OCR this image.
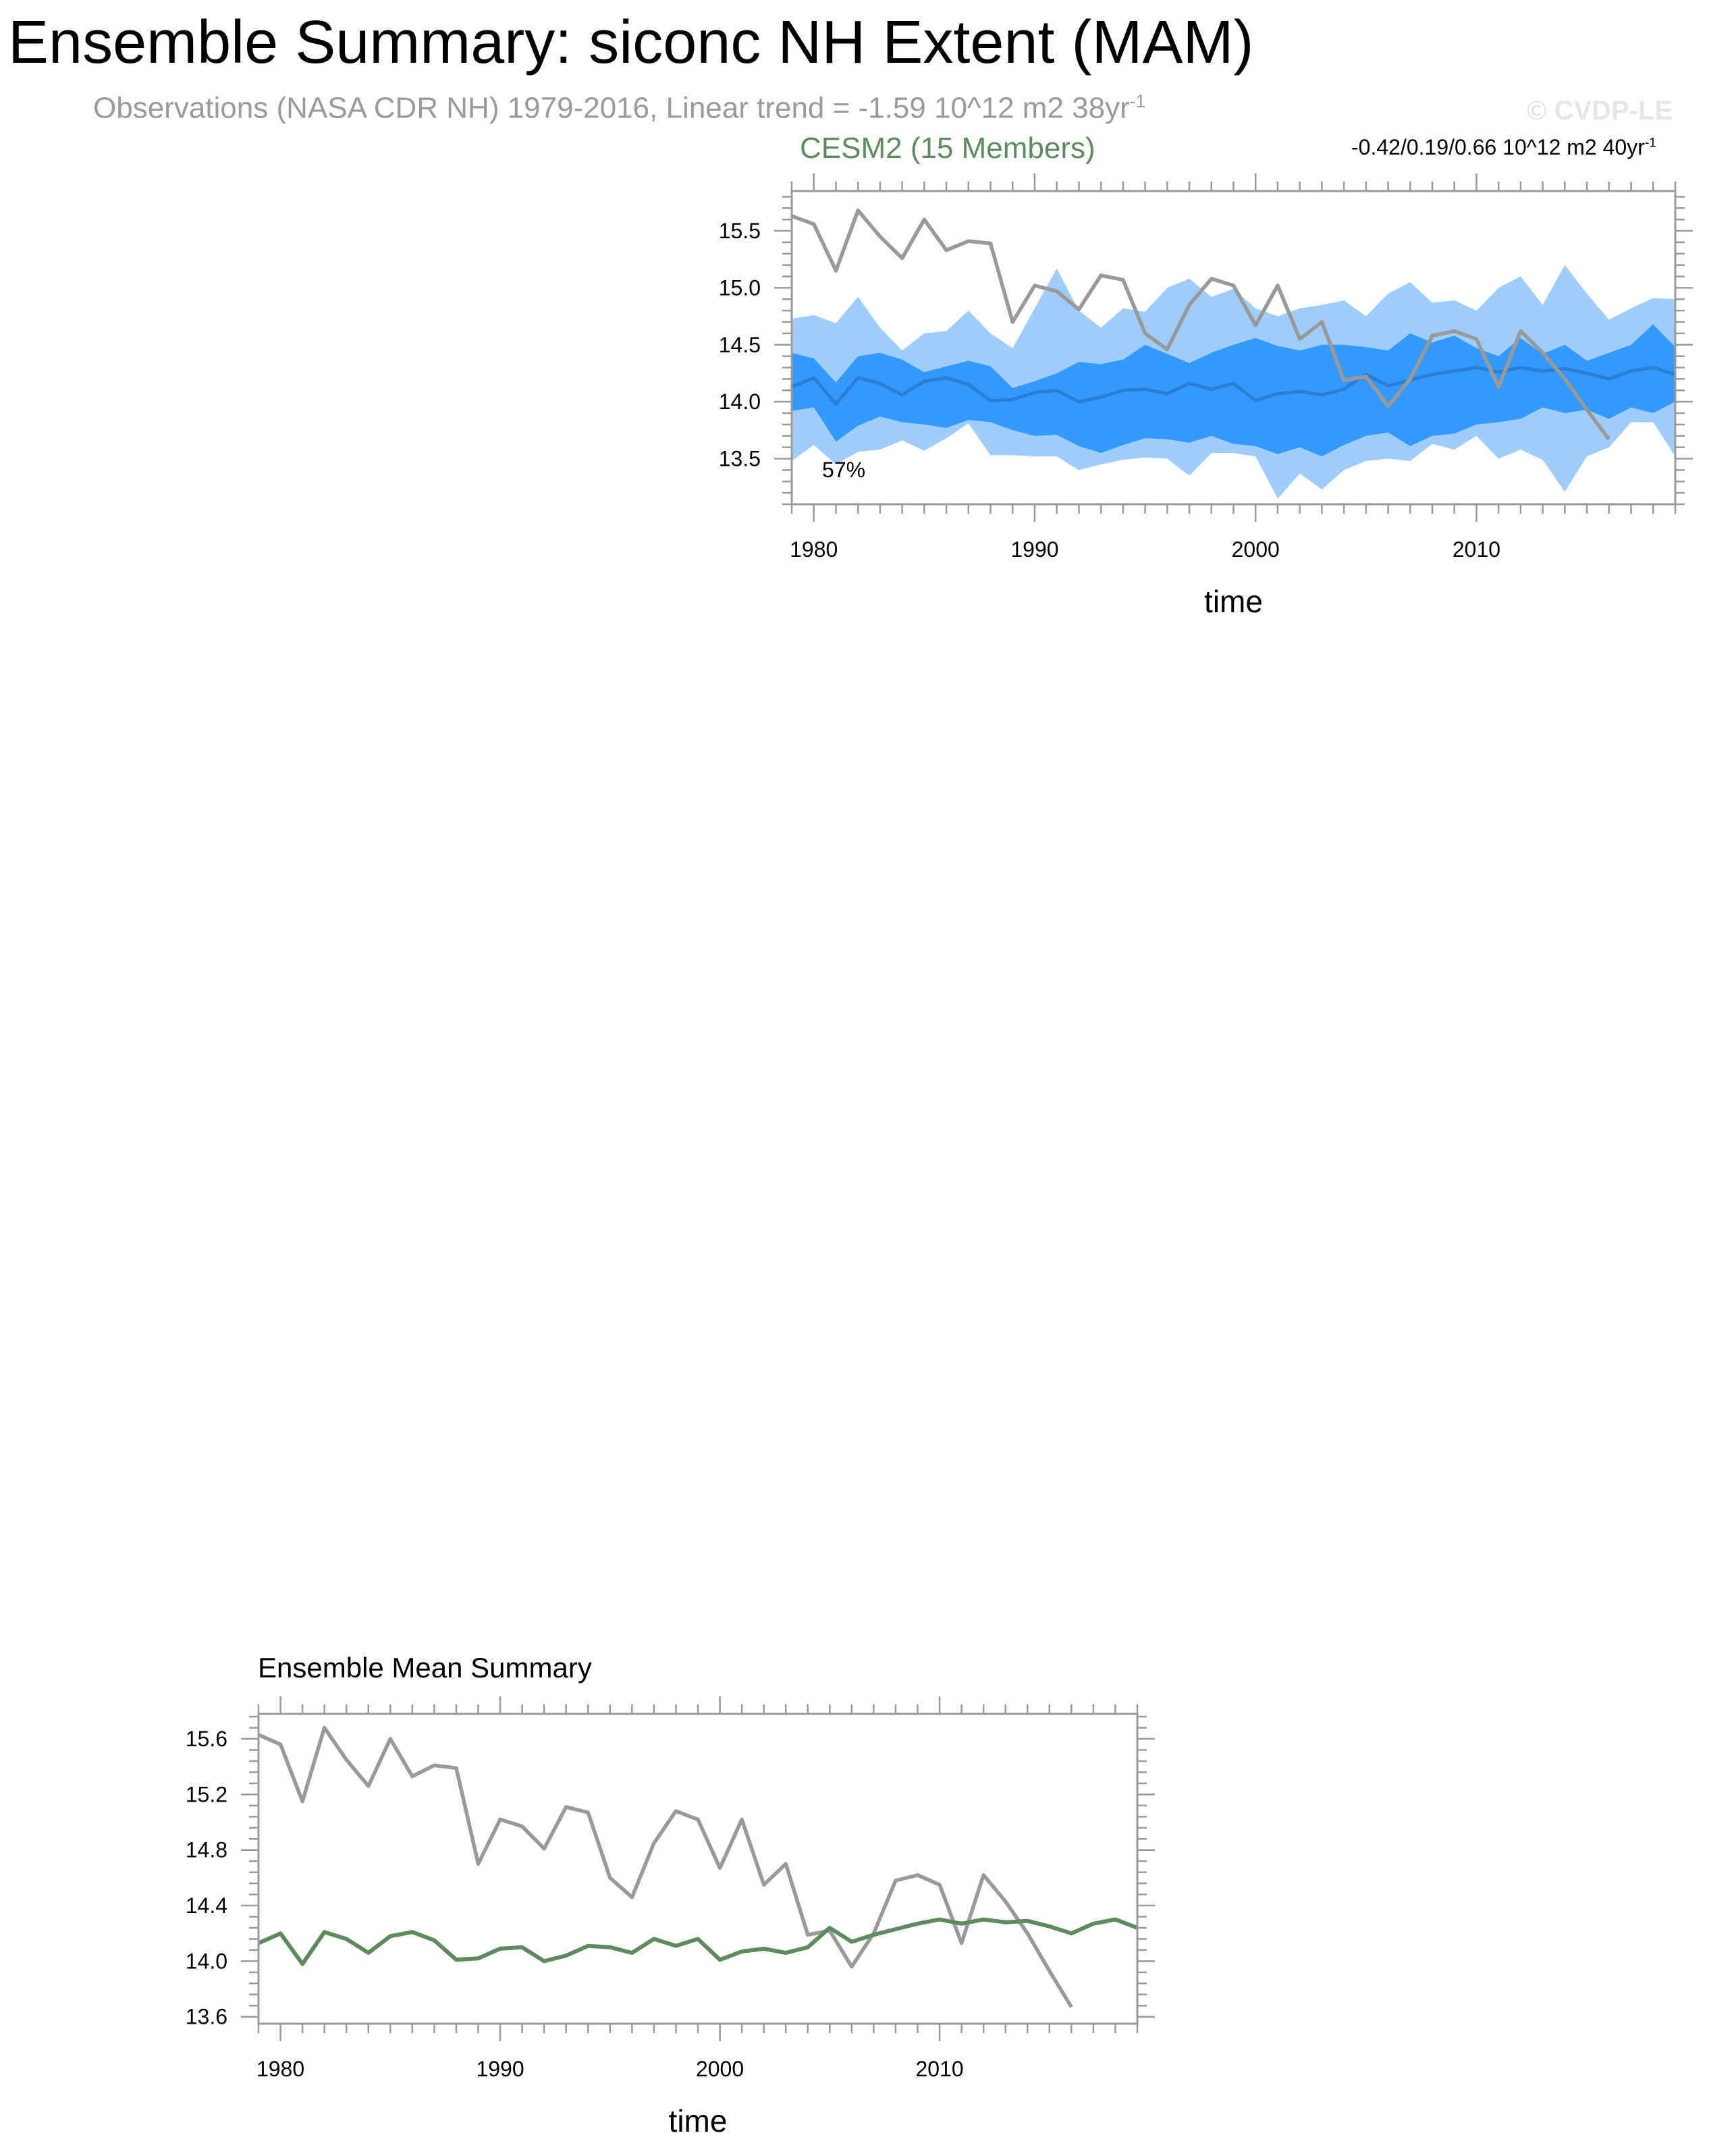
Ensemble Summary: siconc NH Extent (MAM)
Observations (NASA CDR NH) 1979-2016, Linear trend = -1.59 10^12 m2 $38yr^{-1}$	© CVDP-LE
CESM2 (15 Members)	-0.42/0.19/0.66 10^12 m2 $40yr^{-1}$
Ensemble Mean Summary
1980	1990	2000	2010
13.5
14.0
14.5
15.0
15.5
time
57%
1980	1990	2000	2010
13.6
14.0
14.4
14.8
15.2
15.6
time
